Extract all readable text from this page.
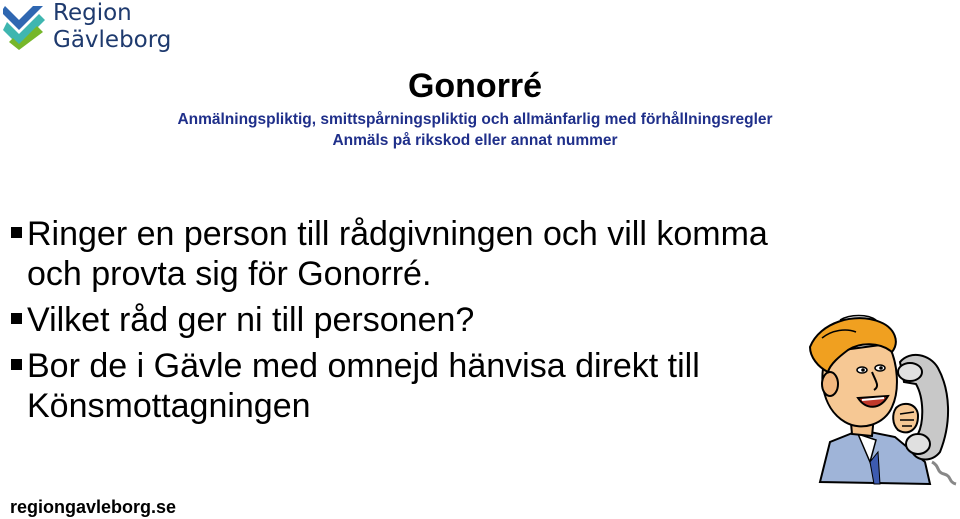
Region
Gävleborg
Gonorré
Anmälningspliktig, smittspårningspliktig och allmänfarlig med förhållningsregler
Anmäls på rikskod eller annat nummer
Ringer en person till rådgivningen och vill komma
och provta sig för Gonorré.
Vilket råd ger ni till personen?
Bor de i Gävle med omnejd hänvisa direkt till
Könsmottagningen
regiongavleborg.se
